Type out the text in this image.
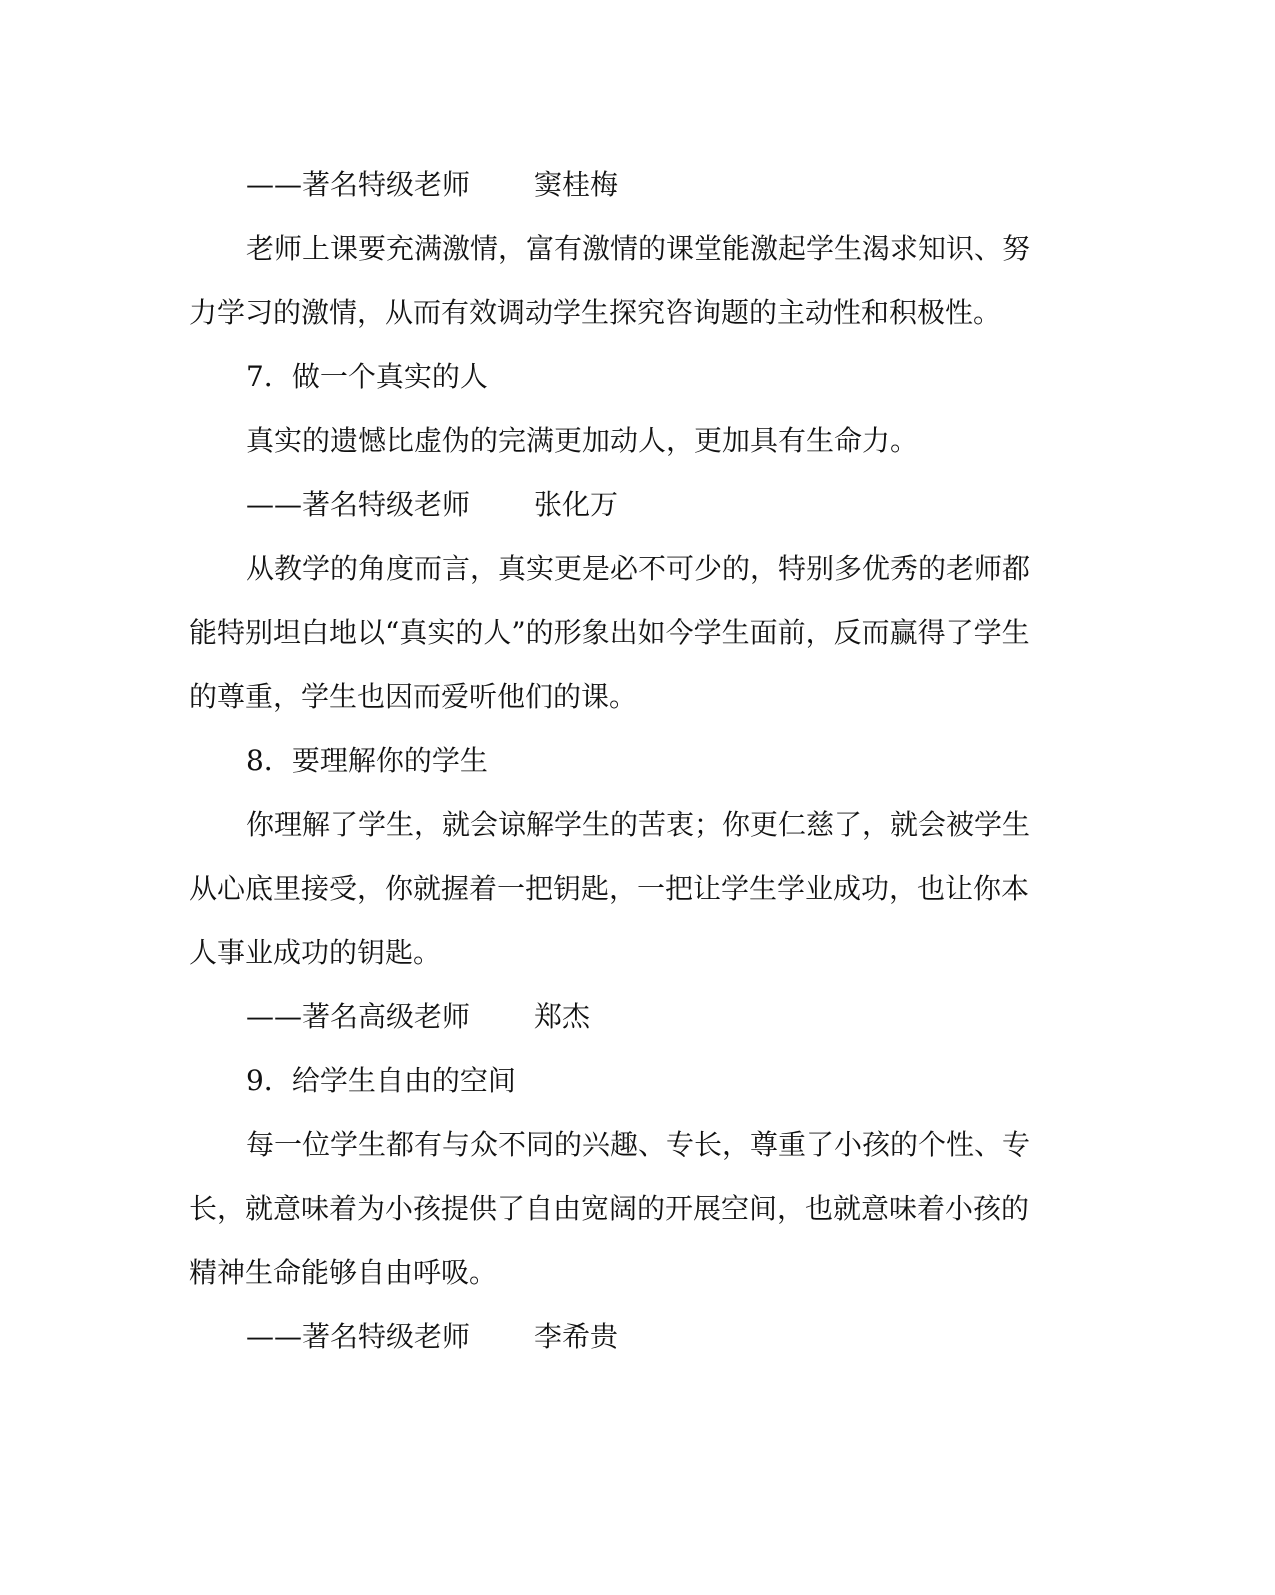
——著名特级老师

窦桂梅

老师上课要充满激情，富有激情的课堂能激起学生渴求知识、努
力学习的激情，从而有效调动学生探究咨询题的主动性和积极性。
7．做一个真实的人
真实的遗憾比虚伪的完满更加动人，更加具有生命力。

——著名特级老师

张化万

从教学的角度而言，真实更是必不可少的，特别多优秀的老师都
能特别坦白地以“真实的人”的形象出如今学生面前，反而赢得了学生
的尊重，学生也因而爱听他们的课。
8．要理解你的学生
你理解了学生，就会谅解学生的苦衷；你更仁慈了，就会被学生
从心底里接受，你就握着一把钥匙，一把让学生学业成功，也让你本
人事业成功的钥匙。

——著名高级老师

郑杰

9．给学生自由的空间
每一位学生都有与众不同的兴趣、专长，尊重了小孩的个性、专
长，就意味着为小孩提供了自由宽阔的开展空间，也就意味着小孩的
精神生命能够自由呼吸。

——著名特级老师

李希贵
